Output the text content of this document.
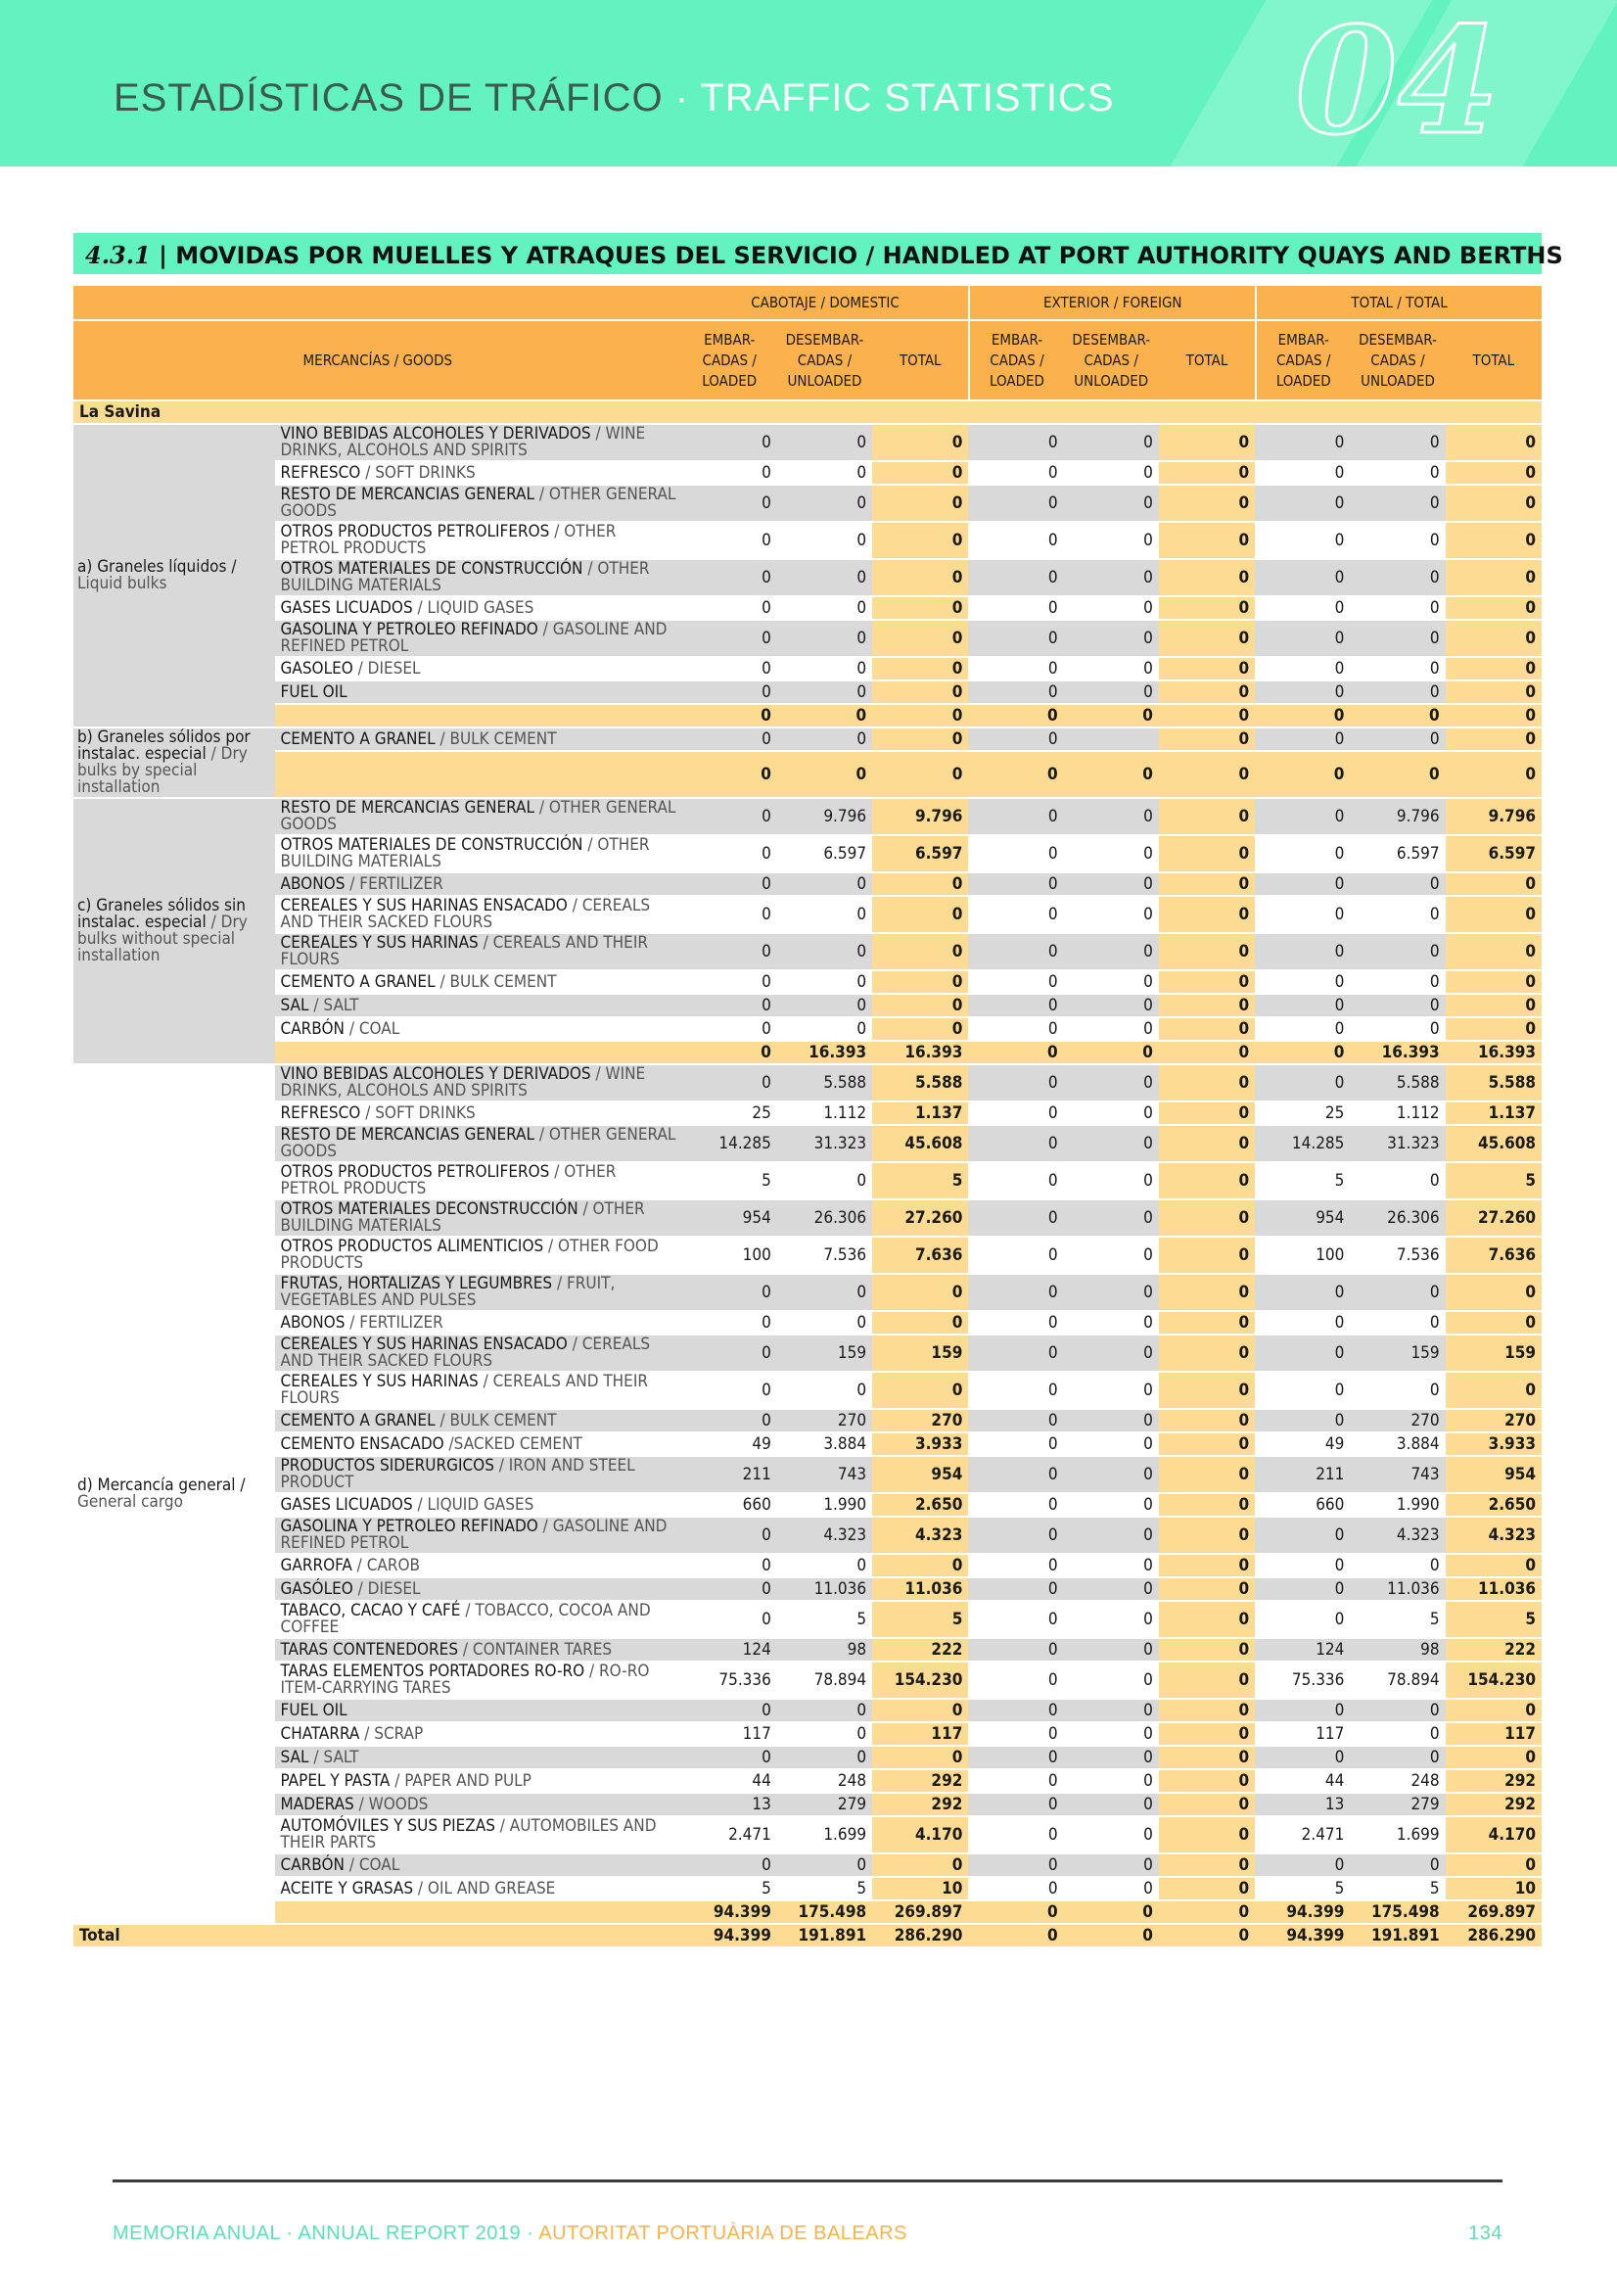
ESTADÍSTICAS DE TRÁFICO · TRAFFIC STATISTICS 04
4.3.1 | MOVIDAS POR MUELLES Y ATRAQUES DEL SERVICIO / HANDLED AT PORT AUTHORITY QUAYS AND BERTHS
		CABOTAJE / DOMESTIC			EXTERIOR / FOREIGN			TOTAL / TOTAL		
MERCANCÍAS / GOODS		EMBAR-CADAS / LOADED	DESEMBAR-CADAS / UNLOADED	TOTAL	EMBAR-CADAS / LOADED	DESEMBAR-CADAS / UNLOADED	TOTAL	EMBAR-CADAS / LOADED	DESEMBAR-CADAS / UNLOADED	TOTAL
La Savina										
a) Graneles líquidos / Liquid bulks	VINO BEBIDAS ALCOHOLES Y DERIVADOS / WINE DRINKS, ALCOHOLS AND SPIRITS	0	0	0	0	0	0	0	0	0
	REFRESCO / SOFT DRINKS	0	0	0	0	0	0	0	0	0
	RESTO DE MERCANCIAS GENERAL / OTHER GENERAL GOODS	0	0	0	0	0	0	0	0	0
	OTROS PRODUCTOS PETROLIFEROS / OTHER PETROL PRODUCTS	0	0	0	0	0	0	0	0	0
	OTROS MATERIALES DE CONSTRUCCIÓN / OTHER BUILDING MATERIALS	0	0	0	0	0	0	0	0	0
	GASES LICUADOS / LIQUID GASES	0	0	0	0	0	0	0	0	0
	GASOLINA Y PETROLEO REFINADO / GASOLINE AND REFINED PETROL	0	0	0	0	0	0	0	0	0
	GASOLEO / DIESEL	0	0	0	0	0	0	0	0	0
	FUEL OIL	0	0	0	0	0	0	0	0	0
		0	0	0	0	0	0	0	0	0
b) Graneles sólidos por instalac. especial / Dry bulks by special installation	CEMENTO A GRANEL / BULK CEMENT	0	0	0	0		0	0	0	0
		0	0	0	0	0	0	0	0	0
c) Graneles sólidos sin instalac. especial / Dry bulks without special installation	RESTO DE MERCANCIAS GENERAL / OTHER GENERAL GOODS	0	9.796	9.796	0	0	0	0	9.796	9.796
	OTROS MATERIALES DE CONSTRUCCIÓN / OTHER BUILDING MATERIALS	0	6.597	6.597	0	0	0	0	6.597	6.597
	ABONOS / FERTILIZER	0	0	0	0	0	0	0	0	0
	CEREALES Y SUS HARINAS ENSACADO / CEREALS AND THEIR SACKED FLOURS	0	0	0	0	0	0	0	0	0
	CEREALES Y SUS HARINAS / CEREALS AND THEIR FLOURS	0	0	0	0	0	0	0	0	0
	CEMENTO A GRANEL / BULK CEMENT	0	0	0	0	0	0	0	0	0
	SAL / SALT	0	0	0	0	0	0	0	0	0
	CARBÓN / COAL	0	0	0	0	0	0	0	0	0
		0	16.393	16.393	0	0	0	0	16.393	16.393
d) Mercancía general / General cargo	VINO BEBIDAS ALCOHOLES Y DERIVADOS / WINE DRINKS, ALCOHOLS AND SPIRITS	0	5.588	5.588	0	0	0	0	5.588	5.588
	REFRESCO / SOFT DRINKS	25	1.112	1.137	0	0	0	25	1.112	1.137
	RESTO DE MERCANCIAS GENERAL / OTHER GENERAL GOODS	14.285	31.323	45.608	0	0	0	14.285	31.323	45.608
	OTROS PRODUCTOS PETROLIFEROS / OTHER PETROL PRODUCTS	5	0	5	0	0	0	5	0	5
	OTROS MATERIALES DECONSTRUCCIÓN / OTHER BUILDING MATERIALS	954	26.306	27.260	0	0	0	954	26.306	27.260
	OTROS PRODUCTOS ALIMENTICIOS / OTHER FOOD PRODUCTS	100	7.536	7.636	0	0	0	100	7.536	7.636
	FRUTAS, HORTALIZAS Y LEGUMBRES / FRUIT, VEGETABLES AND PULSES	0	0	0	0	0	0	0	0	0
	ABONOS / FERTILIZER	0	0	0	0	0	0	0	0	0
	CEREALES Y SUS HARINAS ENSACADO / CEREALS AND THEIR SACKED FLOURS	0	159	159	0	0	0	0	159	159
	CEREALES Y SUS HARINAS / CEREALS AND THEIR FLOURS	0	0	0	0	0	0	0	0	0
	CEMENTO A GRANEL / BULK CEMENT	0	270	270	0	0	0	0	270	270
	CEMENTO ENSACADO /SACKED CEMENT	49	3.884	3.933	0	0	0	49	3.884	3.933
	PRODUCTOS SIDERURGICOS / IRON AND STEEL PRODUCT	211	743	954	0	0	0	211	743	954
	GASES LICUADOS / LIQUID GASES	660	1.990	2.650	0	0	0	660	1.990	2.650
	GASOLINA Y PETROLEO REFINADO / GASOLINE AND REFINED PETROL	0	4.323	4.323	0	0	0	0	4.323	4.323
	GARROFA / CAROB	0	0	0	0	0	0	0	0	0
	GASÓLEO / DIESEL	0	11.036	11.036	0	0	0	0	11.036	11.036
	TABACO, CACAO Y CAFÉ / TOBACCO, COCOA AND COFFEE	0	5	5	0	0	0	0	5	5
	TARAS CONTENEDORES / CONTAINER TARES	124	98	222	0	0	0	124	98	222
	TARAS ELEMENTOS PORTADORES RO-RO / RO-RO ITEM-CARRYING TARES	75.336	78.894	154.230	0	0	0	75.336	78.894	154.230
	FUEL OIL	0	0	0	0	0	0	0	0	0
	CHATARRA / SCRAP	117	0	117	0	0	0	117	0	117
	SAL / SALT	0	0	0	0	0	0	0	0	0
	PAPEL Y PASTA / PAPER AND PULP	44	248	292	0	0	0	44	248	292
	MADERAS / WOODS	13	279	292	0	0	0	13	279	292
	AUTOMÓVILES Y SUS PIEZAS / AUTOMOBILES AND THEIR PARTS	2.471	1.699	4.170	0	0	0	2.471	1.699	4.170
	CARBÓN / COAL	0	0	0	0	0	0	0	0	0
	ACEITE Y GRASAS / OIL AND GREASE	5	5	10	0	0	0	5	5	10
		94.399	175.498	269.897	0	0	0	94.399	175.498	269.897
Total		94.399	191.891	286.290	0	0	0	94.399	191.891	286.290
MEMORIA ANUAL · ANNUAL REPORT 2019 · AUTORITAT PORTUÀRIA DE BALEARS	134
